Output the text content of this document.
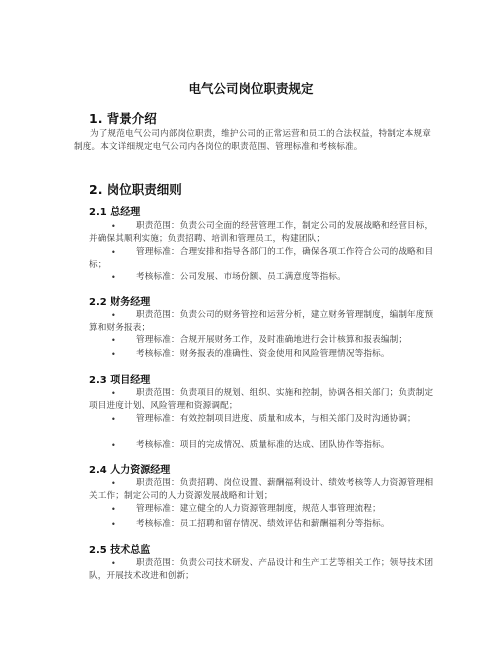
电气公司岗位职责规定
1. 背景介绍
为了规范电气公司内部岗位职责，维护公司的正常运营和员工的合法权益，特制定本规章制度。本文详细规定电气公司内各岗位的职责范围、管理标准和考核标准。
2. 岗位职责细则
2.1 总经理
•	职责范围：负责公司全面的经营管理工作，制定公司的发展战略和经营目标，并确保其顺利实施；负责招聘、培训和管理员工，构建团队；
•	管理标准：合理安排和指导各部门的工作，确保各项工作符合公司的战略和目标；
•	考核标准：公司发展、市场份额、员工满意度等指标。
2.2 财务经理
•	职责范围：负责公司的财务管控和运营分析，建立财务管理制度，编制年度预算和财务报表；
•	管理标准：合规开展财务工作，及时准确地进行会计核算和报表编制；
•	考核标准：财务报表的准确性、资金使用和风险管理情况等指标。
2.3 项目经理
•	职责范围：负责项目的规划、组织、实施和控制，协调各相关部门；负责制定项目进度计划、风险管理和资源调配；
•	管理标准：有效控制项目进度、质量和成本，与相关部门及时沟通协调；
•	考核标准：项目的完成情况、质量标准的达成、团队协作等指标。
2.4 人力资源经理
•	职责范围：负责招聘、岗位设置、薪酬福利设计、绩效考核等人力资源管理相关工作；制定公司的人力资源发展战略和计划；
•	管理标准：建立健全的人力资源管理制度，规范人事管理流程；
•	考核标准：员工招聘和留存情况、绩效评估和薪酬福利分等指标。
2.5 技术总监
•	职责范围：负责公司技术研发、产品设计和生产工艺等相关工作；领导技术团队，开展技术改进和创新；
